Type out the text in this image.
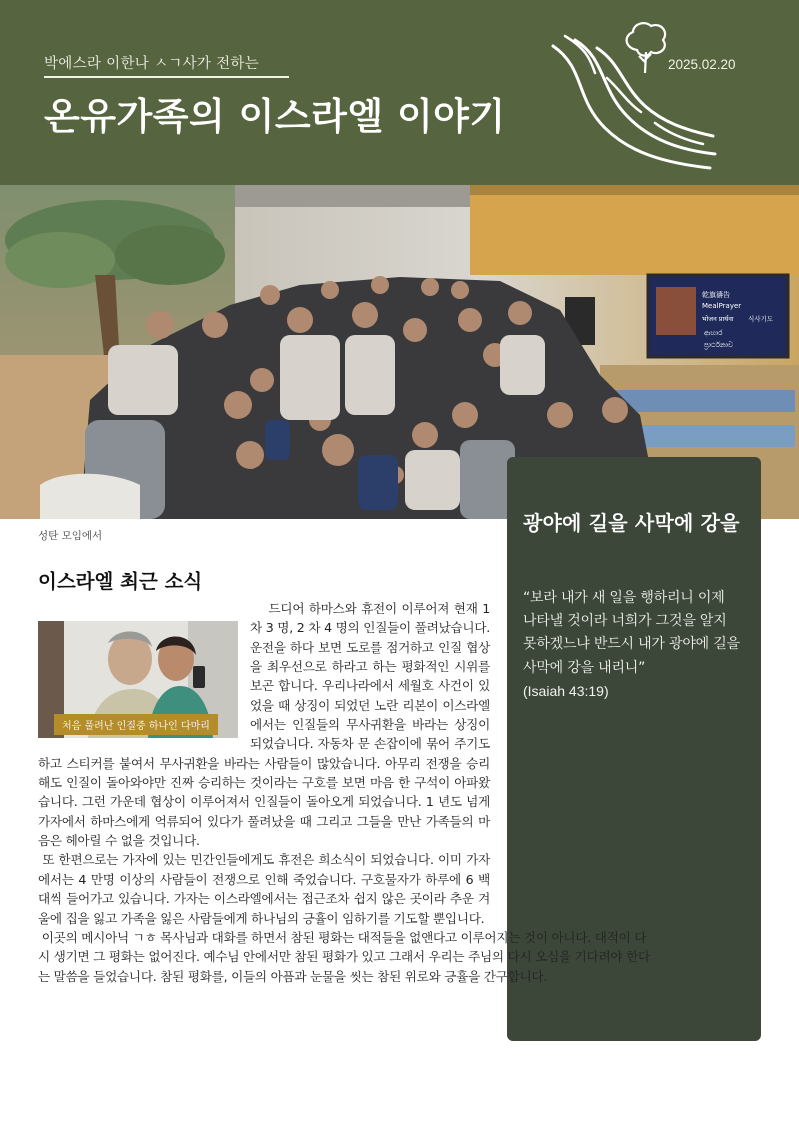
박에스라 이한나 ㅅㄱ사가 전하는
온유가족의 이스라엘 이야기
2025.02.20
乾旗禱告
MealPrayer
भोजन प्रार्थना 식사기도
ආහාර
ප්‍රාර්ථනාව
성탄 모임에서
광야에 길을 사막에 강을
“보라 내가 새 일을 행하리니 이제 나타낼 것이라 너희가 그것을 알지 못하겠느냐 반드시 내가 광야에 길을 사막에 강을 내리니”
(Isaiah 43:19)
이스라엘 최근 소식

드디어 하마스와 휴전이 이루어져 현재 1 차 3 명, 2 차 4 명의 인질들이 풀려났습니다. 운전을 하다 보면 도로를 점거하고 인질 협상을 최우선으로 하라고 하는 평화적인 시위를 보곤 합니다. 우리나라에서 세월호 사건이 있었을 때 상징이 되었던 노란 리본이 이스라엘에서는 인질들의 무사귀환을 바라는 상징이 되었습니다. 자동차 문 손잡이에 묶어 주기도 하고 스티커를 붙여서 무사귀환을 바라는 사람들이 많았습니다. 아무리 전쟁을 승리해도 인질이 돌아와야만 진짜 승리하는 것이라는 구호를 보면 마음 한 구석이 아파왔습니다. 그런 가운데 협상이 이루어져서 인질들이 돌아오게 되었습니다. 1 년도 넘게 가자에서 하마스에게 억류되어 있다가 풀려났을 때 그리고 그들을 만난 가족들의 마음은 헤아릴 수 없을 것입니다.

또 한편으로는 가자에 있는 민간인들에게도 휴전은 희소식이 되었습니다. 이미 가자에서는 4 만명 이상의 사람들이 전쟁으로 인해 죽었습니다. 구호물자가 하루에 6 백대씩 들어가고 있습니다. 가자는 이스라엘에서는 접근조차 쉽지 않은 곳이라 추운 겨울에 집을 잃고 가족을 잃은 사람들에게 하나님의 긍휼이 임하기를 기도할 뿐입니다.

이곳의 메시아닉 ㄱㅎ 목사님과 대화를 하면서 참된 평화는 대적들을 없앤다고 이루어지는 것이 아니다. 대적이 다시 생기면 그 평화는 없어진다. 예수님 안에서만 참된 평화가 있고 그래서 우리는 주님의 다시 오심을 기다려야 한다는 말씀을 들었습니다. 참된 평화를, 이들의 아픔과 눈물을 씻는 참된 위로와 긍휼을 간구합니다.

처음 풀려난 인질중 하나인 다마리
